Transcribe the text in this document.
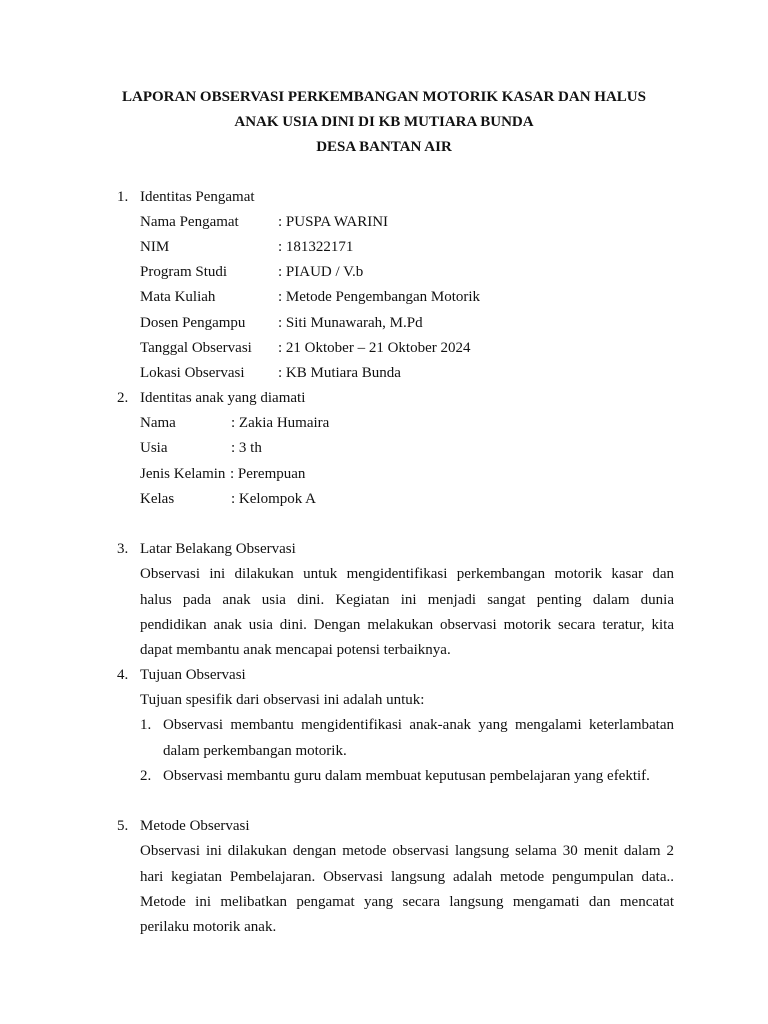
LAPORAN OBSERVASI PERKEMBANGAN MOTORIK KASAR DAN HALUS
ANAK USIA DINI DI KB MUTIARA BUNDA
DESA BANTAN AIR
1. Identitas Pengamat
Nama Pengamat	: PUSPA WARINI
NIM	: 181322171
Program Studi	: PIAUD / V.b
Mata Kuliah	: Metode Pengembangan Motorik
Dosen Pengampu : Siti Munawarah, M.Pd
Tanggal Observasi : 21 Oktober – 21 Oktober 2024
Lokasi Observasi : KB Mutiara Bunda
2. Identitas anak yang diamati
Nama	: Zakia Humaira
Usia	: 3 th
Jenis Kelamin : Perempuan
Kelas	: Kelompok A
3. Latar Belakang Observasi
Observasi ini dilakukan untuk mengidentifikasi perkembangan motorik kasar dan
halus pada anak usia dini. Kegiatan ini menjadi sangat penting dalam dunia
pendidikan anak usia dini. Dengan melakukan observasi motorik secara teratur, kita
dapat membantu anak mencapai potensi terbaiknya.
4. Tujuan Observasi
Tujuan spesifik dari observasi ini adalah untuk:
1. Observasi membantu mengidentifikasi anak-anak yang mengalami keterlambatan
dalam perkembangan motorik.
2. Observasi membantu guru dalam membuat keputusan pembelajaran yang efektif.
5. Metode Observasi
Observasi ini dilakukan dengan metode observasi langsung selama 30 menit dalam 2
hari kegiatan Pembelajaran. Observasi langsung adalah metode pengumpulan data..
Metode ini melibatkan pengamat yang secara langsung mengamati dan mencatat
perilaku motorik anak.
